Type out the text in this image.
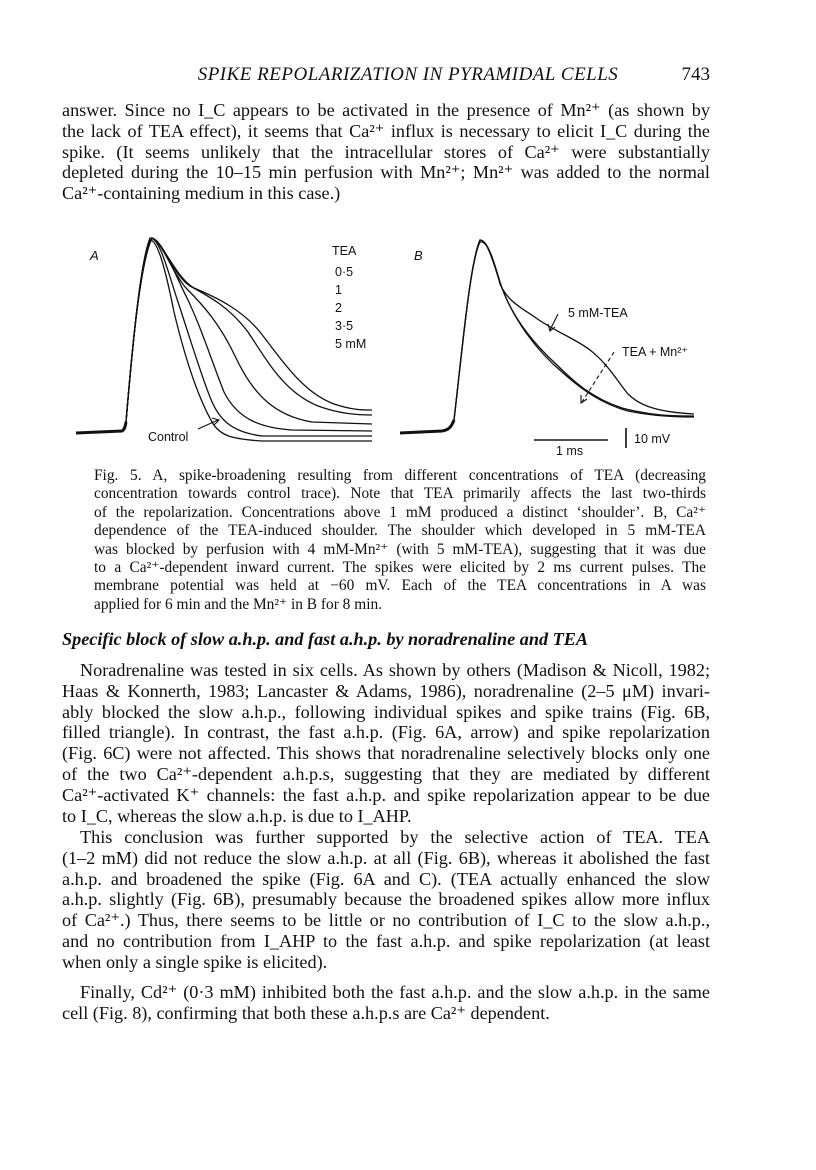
SPIKE REPOLARIZATION IN PYRAMIDAL CELLS	743
answer. Since no I_C appears to be activated in the presence of Mn²⁺ (as shown by
the lack of TEA effect), it seems that Ca²⁺ influx is necessary to elicit I_C during the
spike. (It seems unlikely that the intracellular stores of Ca²⁺ were substantially
depleted during the 10–15 min perfusion with Mn²⁺; Mn²⁺ was added to the normal
Ca²⁺-containing medium in this case.)
A	TEA
0·5
1
2
3·5
5 mM
Control
B
5 mM-TEA
TEA + Mn²⁺
1 ms
10 mV
Fig. 5. A, spike-broadening resulting from different concentrations of TEA (decreasing
concentration towards control trace). Note that TEA primarily affects the last two-thirds
of the repolarization. Concentrations above 1 mM produced a distinct ‘shoulder’. B, Ca²⁺
dependence of the TEA-induced shoulder. The shoulder which developed in 5 mM-TEA
was blocked by perfusion with 4 mM-Mn²⁺ (with 5 mM-TEA), suggesting that it was due
to a Ca²⁺-dependent inward current. The spikes were elicited by 2 ms current pulses. The
membrane potential was held at −60 mV. Each of the TEA concentrations in A was
applied for 6 min and the Mn²⁺ in B for 8 min.
Specific block of slow a.h.p. and fast a.h.p. by noradrenaline and TEA
Noradrenaline was tested in six cells. As shown by others (Madison & Nicoll, 1982;
Haas & Konnerth, 1983; Lancaster & Adams, 1986), noradrenaline (2–5 μM) invari-
ably blocked the slow a.h.p., following individual spikes and spike trains (Fig. 6B,
filled triangle). In contrast, the fast a.h.p. (Fig. 6A, arrow) and spike repolarization
(Fig. 6C) were not affected. This shows that noradrenaline selectively blocks only one
of the two Ca²⁺-dependent a.h.p.s, suggesting that they are mediated by different
Ca²⁺-activated K⁺ channels: the fast a.h.p. and spike repolarization appear to be due
to I_C, whereas the slow a.h.p. is due to I_AHP.
This conclusion was further supported by the selective action of TEA. TEA
(1–2 mM) did not reduce the slow a.h.p. at all (Fig. 6B), whereas it abolished the fast
a.h.p. and broadened the spike (Fig. 6A and C). (TEA actually enhanced the slow
a.h.p. slightly (Fig. 6B), presumably because the broadened spikes allow more influx
of Ca²⁺.) Thus, there seems to be little or no contribution of I_C to the slow a.h.p.,
and no contribution from I_AHP to the fast a.h.p. and spike repolarization (at least
when only a single spike is elicited).
Finally, Cd²⁺ (0·3 mM) inhibited both the fast a.h.p. and the slow a.h.p. in the same
cell (Fig. 8), confirming that both these a.h.p.s are Ca²⁺ dependent.
